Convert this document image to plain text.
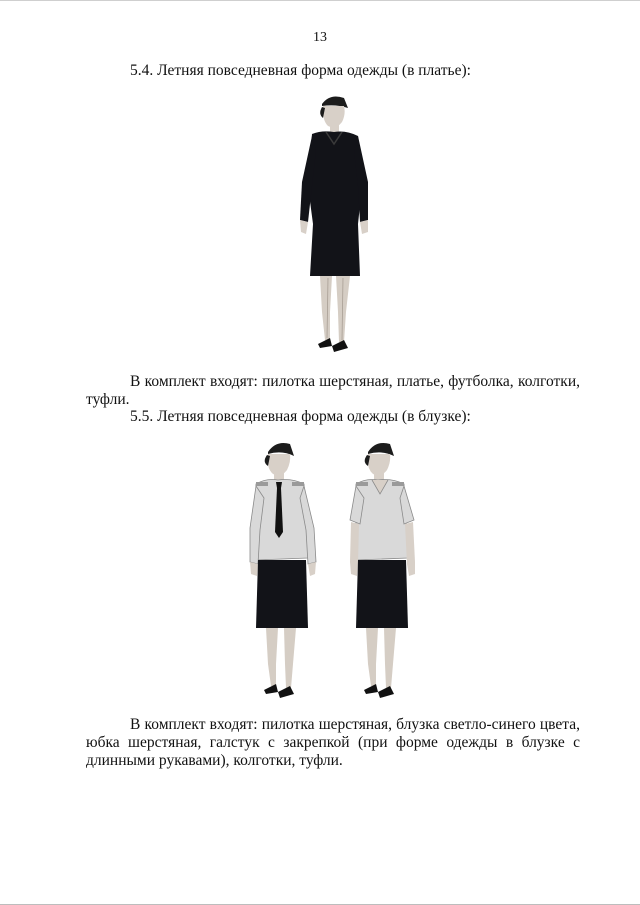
13
5.4. Летняя повседневная форма одежды (в платье):
В комплект входят: пилотка шерстяная, платье, футболка, колготки,
туфли.
5.5. Летняя повседневная форма одежды (в блузке):
В комплект входят: пилотка шерстяная, блузка светло-синего цвета,
юбка шерстяная, галстук с закрепкой (при форме одежды в блузке с
длинными рукавами), колготки, туфли.
